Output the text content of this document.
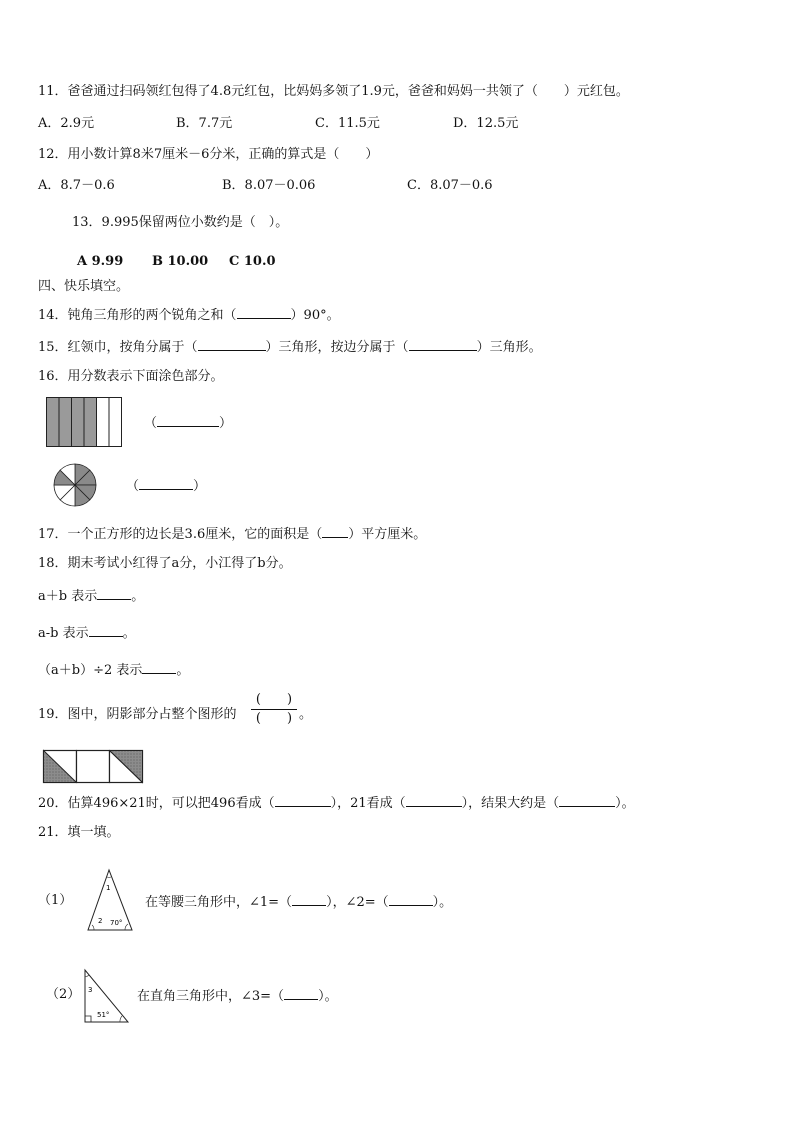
11．爸爸通过扫码领红包得了4.8元红包，比妈妈多领了1.9元，爸爸和妈妈一共领了（　　）元红包。
A．2.9元	B．7.7元	C．11.5元	D．12.5元
12．用小数计算8米7厘米－6分米，正确的算式是（　　）
A．8.7－0.6	B．8.07－0.06	C．8.07－0.6
13．9.995保留两位小数约是（　）。
A 9.99 B 10.00 C 10.0
四、快乐填空。
14．钝角三角形的两个锐角之和（	）90°。
15．红领巾，按角分属于（	）三角形，按边分属于（	）三角形。
16．用分数表示下面涂色部分。
（	）
（	）
17．一个正方形的边长是3.6厘米，它的面积是（ ）平方厘米。
18．期末考试小红得了a分，小江得了b分。
a＋b 表示	。
a-b 表示	。
（a＋b）÷2 表示	。
19．图中，阴影部分占整个图形的
(　　)
(　　) 。
20．估算496×21时，可以把496看成（	），21看成（	），结果大约是（	）。
21．填一填。
（1）
1
2 70°
在等腰三角形中，∠1=（	），∠2=（	）。
（2） 3
51°
在直角三角形中，∠3=（	）。
